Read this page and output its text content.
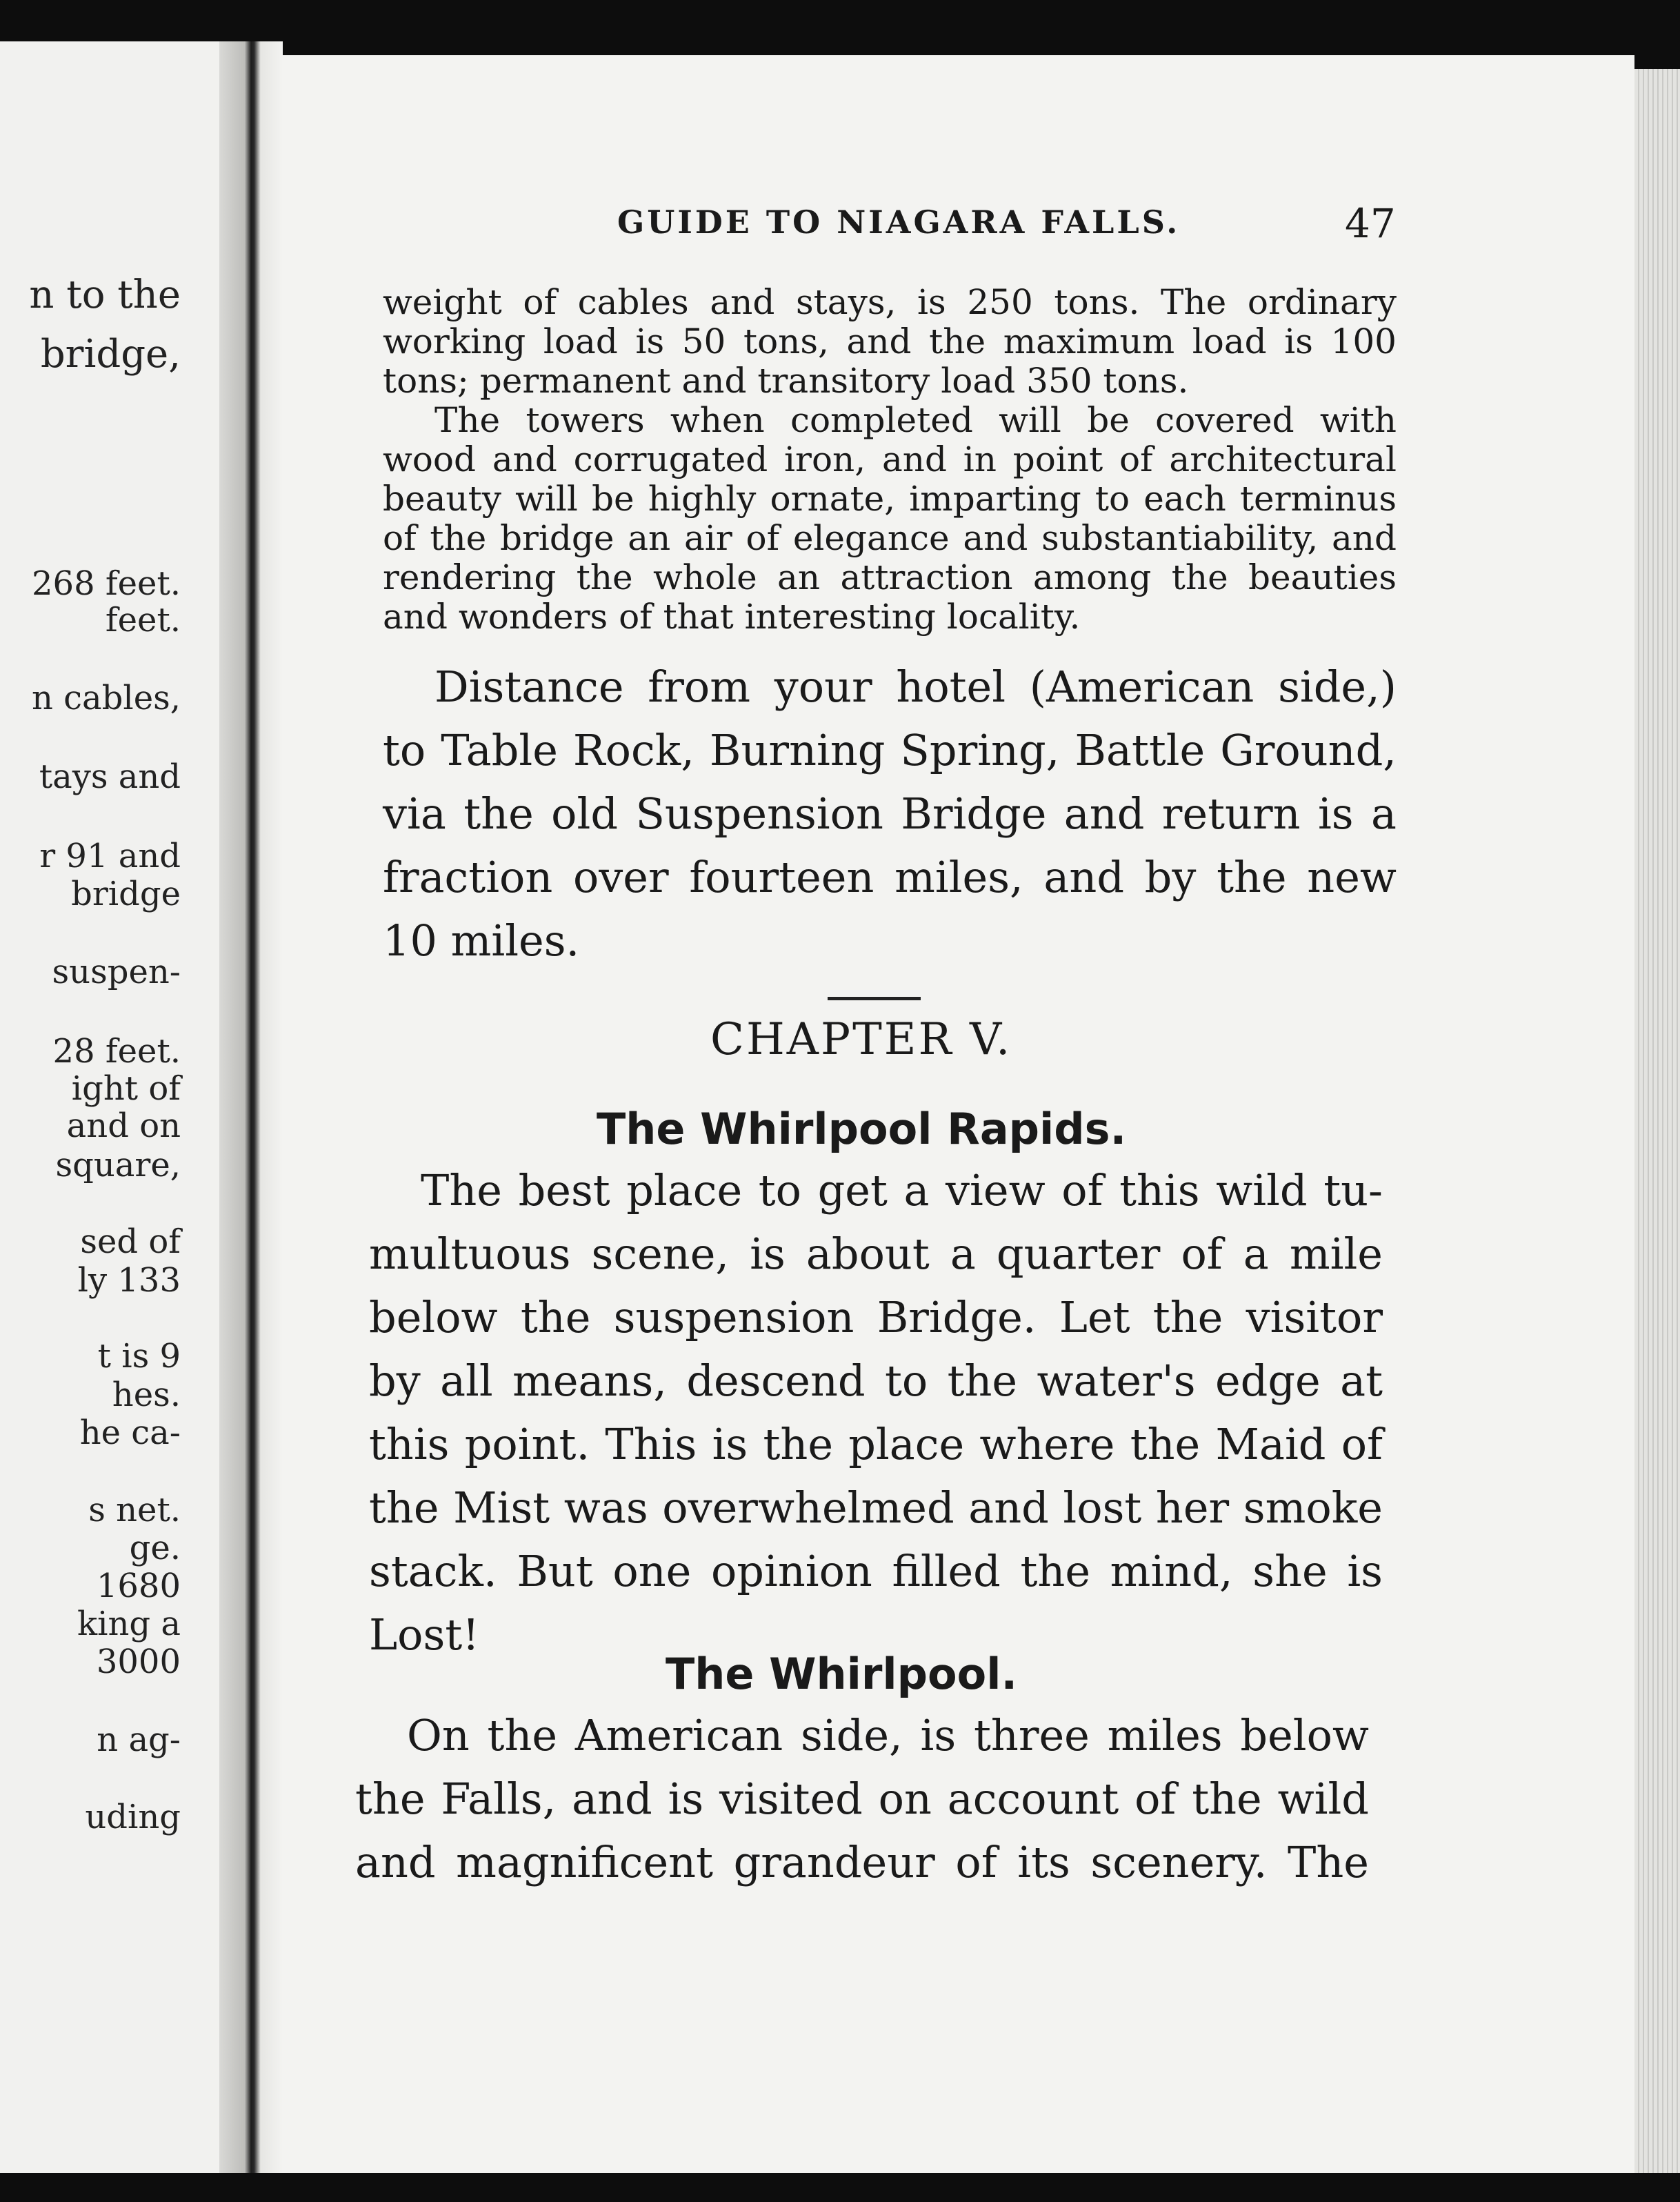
n to the
bridge,
268 feet.
feet.
n cables,
tays and
r 91 and
bridge
suspen-
28 feet.
ight of
and on
square,
sed of
ly 133
t is 9
hes.
he ca-
s net.
ge.
1680
king a
3000
n ag-
uding
GUIDE TO NIAGARA FALLS.	47
weight of cables and stays, is 250 tons. The ordinary
working load is 50 tons, and the maximum load is 100
tons; permanent and transitory load 350 tons.
The towers when completed will be covered with
wood and corrugated iron, and in point of architectural
beauty will be highly ornate, imparting to each terminus
of the bridge an air of elegance and substantiability, and
rendering the whole an attraction among the beauties
and wonders of that interesting locality.
Distance from your hotel (American side,)
to Table Rock, Burning Spring, Battle Ground,
via the old Suspension Bridge and return is a
fraction over fourteen miles, and by the new
10 miles.
CHAPTER V.
The Whirlpool Rapids.
The best place to get a view of this wild tu-
multuous scene, is about a quarter of a mile
below the suspension Bridge. Let the visitor
by all means, descend to the water's edge at
this point. This is the place where the Maid of
the Mist was overwhelmed and lost her smoke
stack. But one opinion filled the mind, she is
Lost!
The Whirlpool.
On the American side, is three miles below
the Falls, and is visited on account of the wild
and magnificent grandeur of its scenery. The
